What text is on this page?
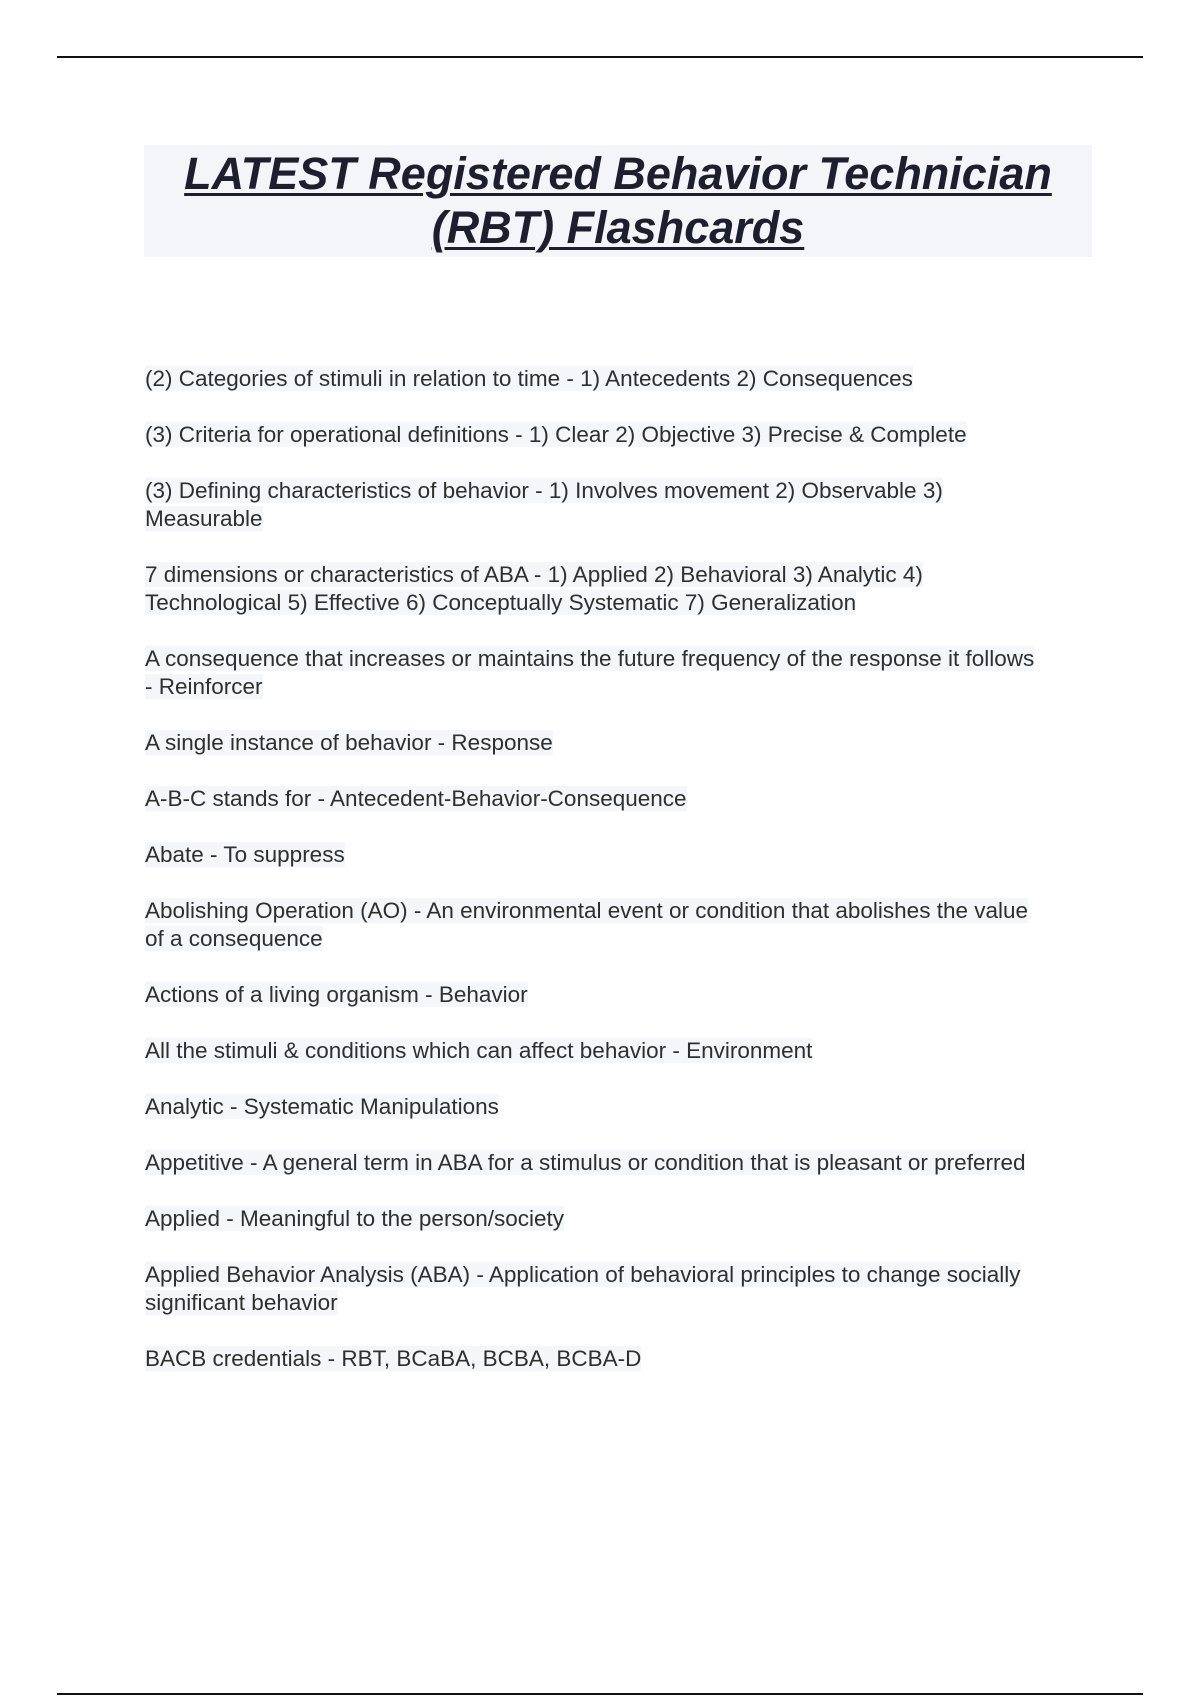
LATEST Registered Behavior Technician
(RBT) Flashcards
(2) Categories of stimuli in relation to time - 1) Antecedents 2) Consequences
(3) Criteria for operational definitions - 1) Clear 2) Objective 3) Precise & Complete
(3) Defining characteristics of behavior - 1) Involves movement 2) Observable 3) Measurable
7 dimensions or characteristics of ABA - 1) Applied 2) Behavioral 3) Analytic 4) Technological 5) Effective 6) Conceptually Systematic 7) Generalization
A consequence that increases or maintains the future frequency of the response it follows - Reinforcer
A single instance of behavior - Response
A-B-C stands for - Antecedent-Behavior-Consequence
Abate - To suppress
Abolishing Operation (AO) - An environmental event or condition that abolishes the value of a consequence
Actions of a living organism - Behavior
All the stimuli & conditions which can affect behavior - Environment
Analytic - Systematic Manipulations
Appetitive - A general term in ABA for a stimulus or condition that is pleasant or preferred
Applied - Meaningful to the person/society
Applied Behavior Analysis (ABA) - Application of behavioral principles to change socially significant behavior
BACB credentials - RBT, BCaBA, BCBA, BCBA-D
